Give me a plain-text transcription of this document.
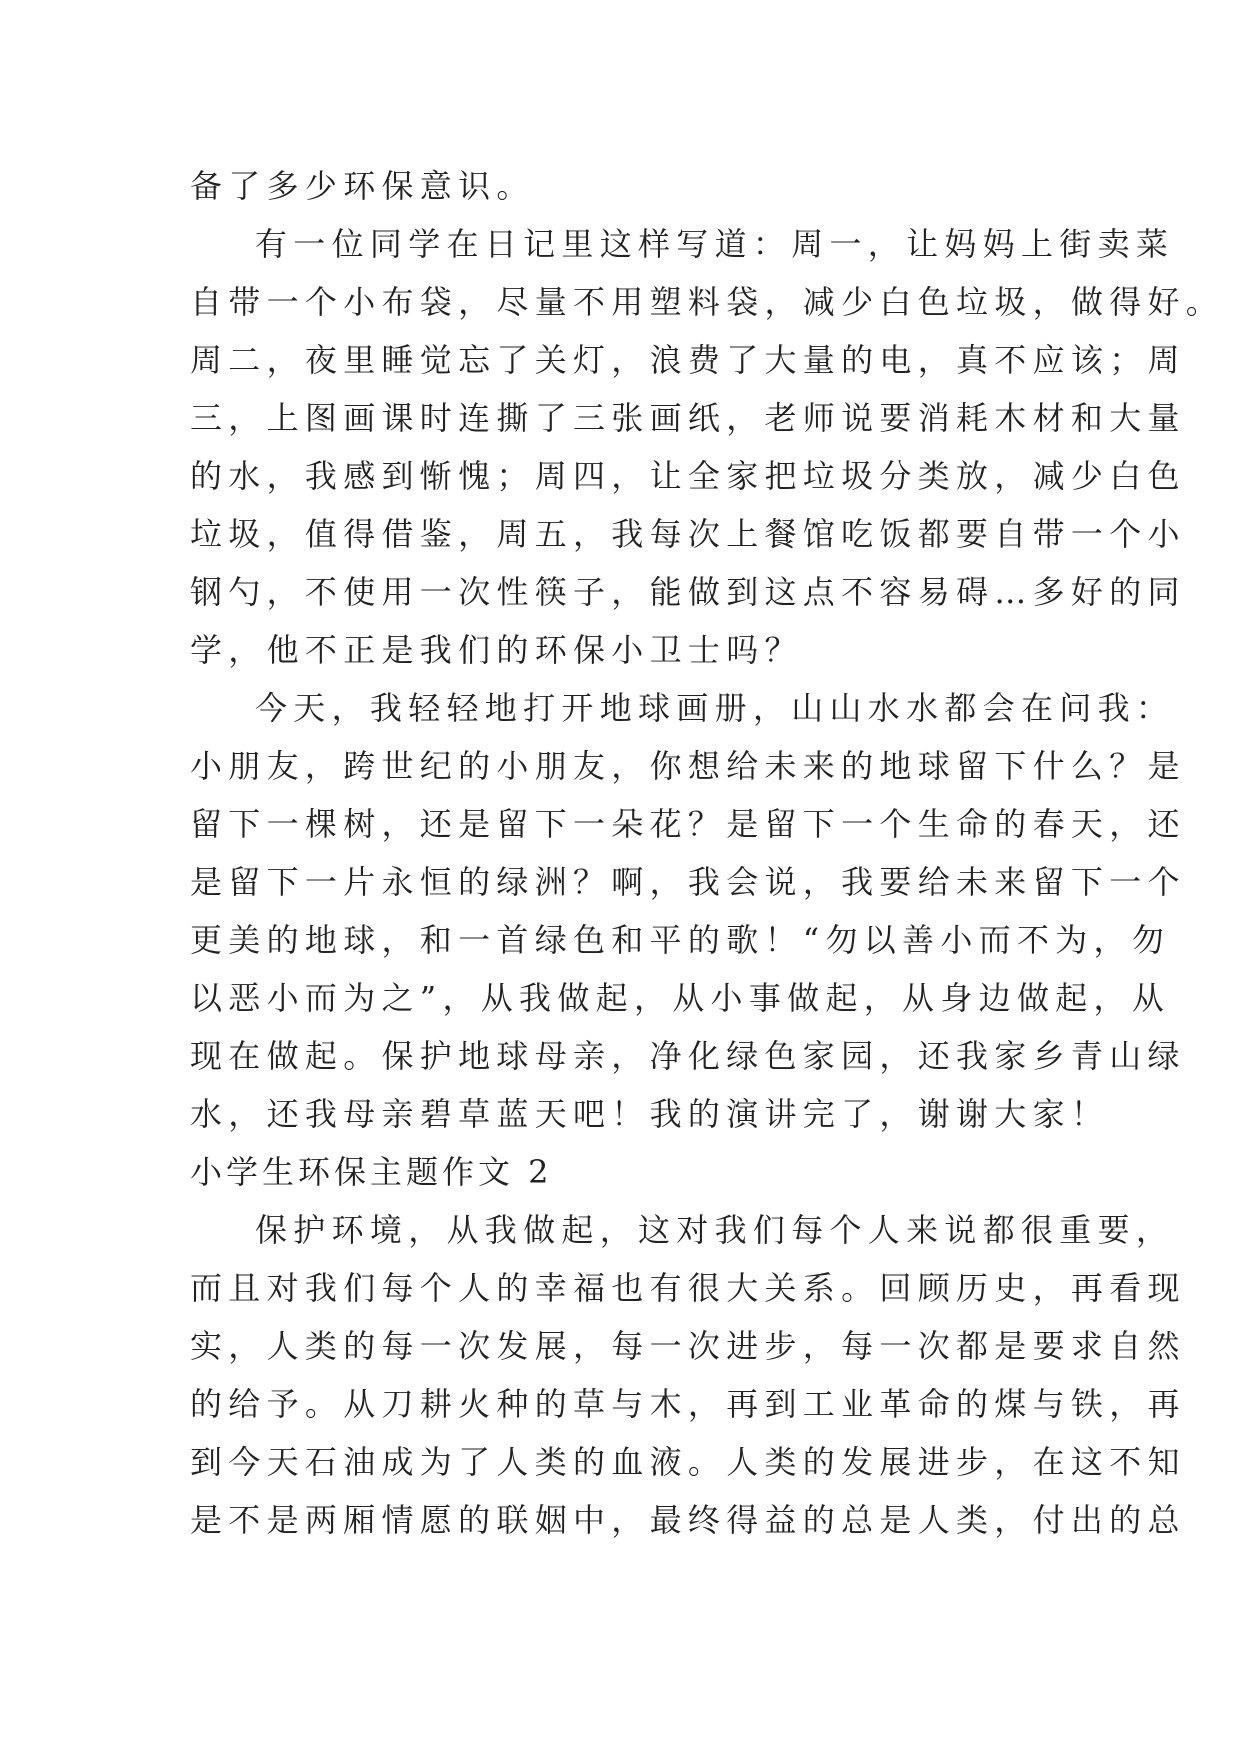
备了多少环保意识。
有一位同学在日记里这样写道：周一，让妈妈上街卖菜
自带一个小布袋，尽量不用塑料袋，减少白色垃圾，做得好。
周二，夜里睡觉忘了关灯，浪费了大量的电，真不应该；周
三，上图画课时连撕了三张画纸，老师说要消耗木材和大量
的水，我感到惭愧；周四，让全家把垃圾分类放，减少白色
垃圾，值得借鉴，周五，我每次上餐馆吃饭都要自带一个小
钢勺，不使用一次性筷子，能做到这点不容易碍…多好的同
学，他不正是我们的环保小卫士吗？
今天，我轻轻地打开地球画册，山山水水都会在问我：
小朋友，跨世纪的小朋友，你想给未来的地球留下什么？是
留下一棵树，还是留下一朵花？是留下一个生命的春天，还
是留下一片永恒的绿洲？啊，我会说，我要给未来留下一个
更美的地球，和一首绿色和平的歌！“勿以善小而不为，勿
以恶小而为之”，从我做起，从小事做起，从身边做起，从
现在做起。保护地球母亲，净化绿色家园，还我家乡青山绿
水，还我母亲碧草蓝天吧！我的演讲完了，谢谢大家！
小学生环保主题作文 2
保护环境，从我做起，这对我们每个人来说都很重要，
而且对我们每个人的幸福也有很大关系。回顾历史，再看现
实，人类的每一次发展，每一次进步，每一次都是要求自然
的给予。从刀耕火种的草与木，再到工业革命的煤与铁，再
到今天石油成为了人类的血液。人类的发展进步，在这不知
是不是两厢情愿的联姻中，最终得益的总是人类，付出的总
